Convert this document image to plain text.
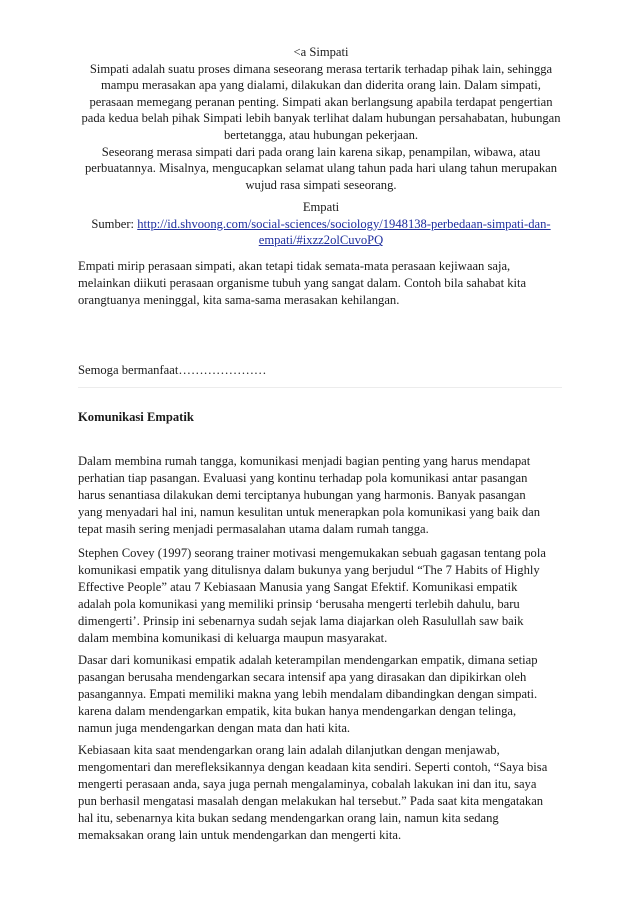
<a Simpati
Simpati adalah suatu proses dimana seseorang merasa tertarik terhadap pihak lain, sehingga mampu merasakan apa yang dialami, dilakukan dan diderita orang lain. Dalam simpati, perasaan memegang peranan penting. Simpati akan berlangsung apabila terdapat pengertian pada kedua belah pihak Simpati lebih banyak terlihat dalam hubungan persahabatan, hubungan bertetangga, atau hubungan pekerjaan.
Seseorang merasa simpati dari pada orang lain karena sikap, penampilan, wibawa, atau perbuatannya. Misalnya, mengucapkan selamat ulang tahun pada hari ulang tahun merupakan wujud rasa simpati seseorang.
Empati
Sumber: http://id.shvoong.com/social-sciences/sociology/1948138-perbedaan-simpati-dan-empati/#ixzz2olCuvoPQ

Empati mirip perasaan simpati, akan tetapi tidak semata-mata perasaan kejiwaan saja, melainkan diikuti perasaan organisme tubuh yang sangat dalam. Contoh bila sahabat kita orangtuanya meninggal, kita sama-sama merasakan kehilangan.

Semoga bermanfaat…………………

Komunikasi Empatik

Dalam membina rumah tangga, komunikasi menjadi bagian penting yang harus mendapat perhatian tiap pasangan. Evaluasi yang kontinu terhadap pola komunikasi antar pasangan harus senantiasa dilakukan demi terciptanya hubungan yang harmonis. Banyak pasangan yang menyadari hal ini, namun kesulitan untuk menerapkan pola komunikasi yang baik dan tepat masih sering menjadi permasalahan utama dalam rumah tangga.

Stephen Covey (1997) seorang trainer motivasi mengemukakan sebuah gagasan tentang pola komunikasi empatik yang ditulisnya dalam bukunya yang berjudul “The 7 Habits of Highly Effective People” atau 7 Kebiasaan Manusia yang Sangat Efektif. Komunikasi empatik adalah pola komunikasi yang memiliki prinsip ‘berusaha mengerti terlebih dahulu, baru dimengerti’. Prinsip ini sebenarnya sudah sejak lama diajarkan oleh Rasulullah saw baik dalam membina komunikasi di keluarga maupun masyarakat.

Dasar dari komunikasi empatik adalah keterampilan mendengarkan empatik, dimana setiap pasangan berusaha mendengarkan secara intensif apa yang dirasakan dan dipikirkan oleh pasangannya. Empati memiliki makna yang lebih mendalam dibandingkan dengan simpati. karena dalam mendengarkan empatik, kita bukan hanya mendengarkan dengan telinga, namun juga mendengarkan dengan mata dan hati kita.

Kebiasaan kita saat mendengarkan orang lain adalah dilanjutkan dengan menjawab, mengomentari dan merefleksikannya dengan keadaan kita sendiri. Seperti contoh, “Saya bisa mengerti perasaan anda, saya juga pernah mengalaminya, cobalah lakukan ini dan itu, saya pun berhasil mengatasi masalah dengan melakukan hal tersebut.” Pada saat kita mengatakan hal itu, sebenarnya kita bukan sedang mendengarkan orang lain, namun kita sedang memaksakan orang lain untuk mendengarkan dan mengerti kita.
